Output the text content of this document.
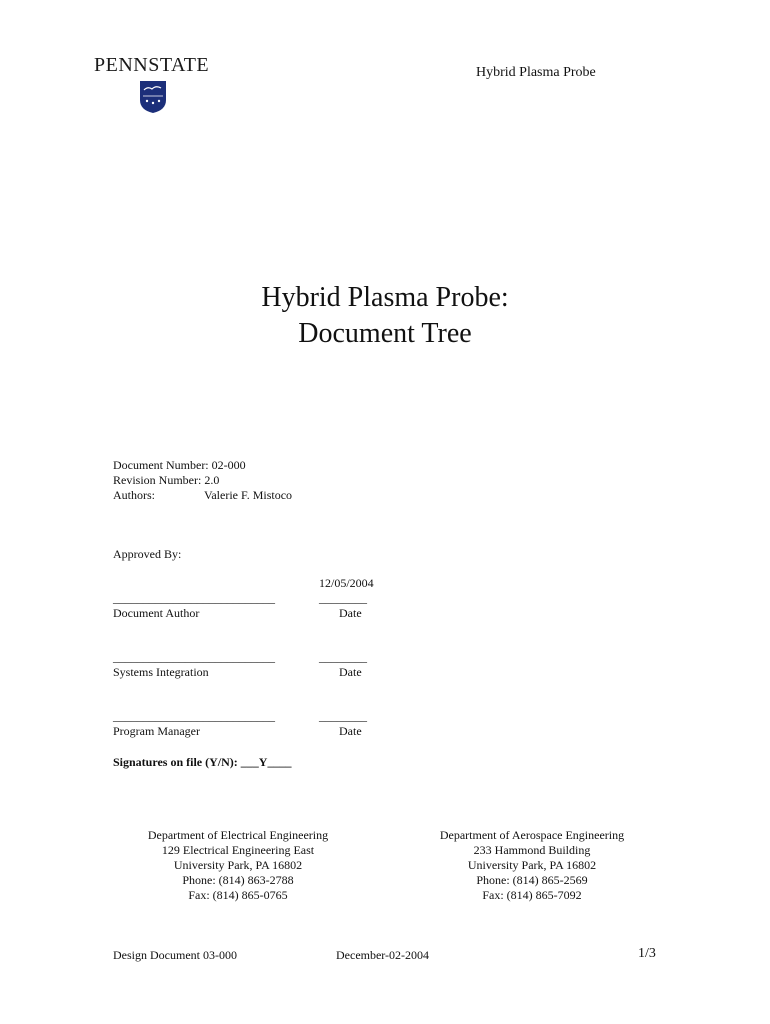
PENNSTATE	Hybrid Plasma Probe
Hybrid Plasma Probe:
Document Tree
Document Number: 02-000
Revision Number: 2.0
Authors:	Valerie F. Mistoco
Approved By:
12/05/2004
___________________________	________
Document Author	Date
___________________________	________
Systems Integration	Date
___________________________	________
Program Manager	Date
Signatures on file (Y/N): ___Y____
Department of Electrical Engineering
129 Electrical Engineering East
University Park, PA 16802
Phone: (814) 863-2788
Fax: (814) 865-0765
Department of Aerospace Engineering
233 Hammond Building
University Park, PA 16802
Phone: (814) 865-2569
Fax: (814) 865-7092
Design Document 03-000	December-02-2004	1/3
